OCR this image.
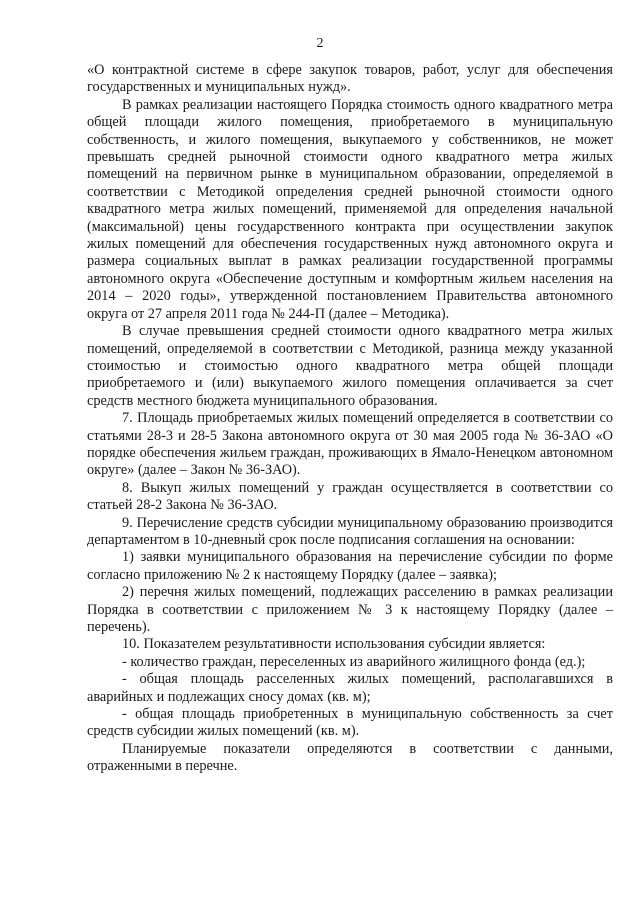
2

«О контрактной системе в сфере закупок товаров, работ, услуг для обеспечения государственных и муниципальных нужд».

В рамках реализации настоящего Порядка стоимость одного квадратного метра общей площади жилого помещения, приобретаемого в муниципальную собственность, и жилого помещения, выкупаемого у собственников, не может превышать средней рыночной стоимости одного квадратного метра жилых помещений на первичном рынке в муниципальном образовании, определяемой в соответствии с Методикой определения средней рыночной стоимости одного квадратного метра жилых помещений, применяемой для определения начальной (максимальной) цены государственного контракта при осуществлении закупок жилых помещений для обеспечения государственных нужд автономного округа и размера социальных выплат в рамках реализации государственной программы автономного округа «Обеспечение доступным и комфортным жильем населения на 2014 – 2020 годы», утвержденной постановлением Правительства автономного округа от 27 апреля 2011 года № 244-П (далее – Методика).

В случае превышения средней стоимости одного квадратного метра жилых помещений, определяемой в соответствии с Методикой, разница между указанной стоимостью и стоимостью одного квадратного метра общей площади приобретаемого и (или) выкупаемого жилого помещения оплачивается за счет средств местного бюджета муниципального образования.

7. Площадь приобретаемых жилых помещений определяется в соответствии со статьями 28-3 и 28-5 Закона автономного округа от 30 мая 2005 года № 36-ЗАО «О порядке обеспечения жильем граждан, проживающих в Ямало-Ненецком автономном округе» (далее – Закон № 36-ЗАО).

8. Выкуп жилых помещений у граждан осуществляется в соответствии со статьей 28-2 Закона № 36-ЗАО.

9. Перечисление средств субсидии муниципальному образованию производится департаментом в 10-дневный срок после подписания соглашения на основании:

1) заявки муниципального образования на перечисление субсидии по форме согласно приложению № 2 к настоящему Порядку (далее – заявка);

2) перечня жилых помещений, подлежащих расселению в рамках реализации Порядка в соответствии с приложением № 3 к настоящему Порядку (далее – перечень).

10. Показателем результативности использования субсидии является:

- количество граждан, переселенных из аварийного жилищного фонда (ед.);

- общая площадь расселенных жилых помещений, располагавшихся в аварийных и подлежащих сносу домах (кв. м);

- общая площадь приобретенных в муниципальную собственность за счет средств субсидии жилых помещений (кв. м).

Планируемые показатели определяются в соответствии с данными, отраженными в перечне.
